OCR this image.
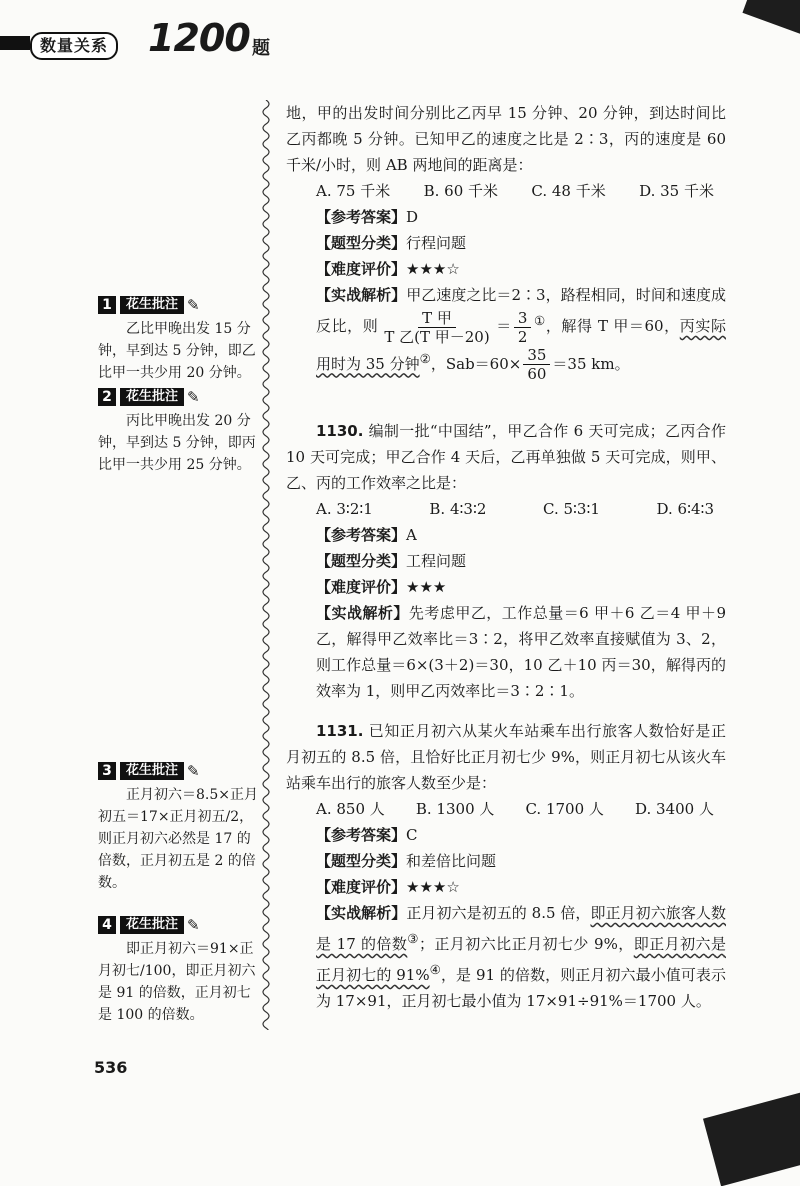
数量关系 1200 题
1	花生批注 ✎
乙比甲晚出发 15 分钟，早到达 5 分钟，即乙比甲一共少用 20 分钟。
2	花生批注 ✎
丙比甲晚出发 20 分钟，早到达 5 分钟，即丙比甲一共少用 25 分钟。
3	花生批注 ✎
正月初六＝8.5×正月初五＝17×正月初五/2，则正月初六必然是 17 的倍数，正月初五是 2 的倍数。
4	花生批注 ✎
即正月初六＝91×正月初七/100，即正月初六是 91 的倍数，正月初七是 100 的倍数。

地，甲的出发时间分别比乙丙早 15 分钟、20 分钟，到达时间比乙丙都晚 5 分钟。已知甲乙的速度之比是 2∶3，丙的速度是 60 千米/小时，则 AB 两地间的距离是：

A. 75 千米 B. 60 千米 C. 48 千米 D. 35 千米

【参考答案】D

【题型分类】行程问题

【难度评价】★★★☆

【实战解析】甲乙速度之比＝2∶3，路程相同，时间和速度成反比，则 $\frac{\text{T 甲}}{\text{T 乙(T 甲－20)}} = \frac{3}{2} ^①$，解得 T 甲＝60，丙实际用时为 35 分钟②，$Sab=60\times \frac{35}{60} =35$ km。

1130. 编制一批“中国结”，甲乙合作 6 天可完成；乙丙合作 10 天可完成；甲乙合作 4 天后，乙再单独做 5 天可完成，则甲、乙、丙的工作效率之比是：

A. 3∶2∶1	B. 4∶3∶2	C. 5∶3∶1	D. 6∶4∶3

【参考答案】A

【题型分类】工程问题

【难度评价】★★★

【实战解析】先考虑甲乙，工作总量＝6 甲＋6 乙＝4 甲＋9 乙，解得甲乙效率比＝3∶2，将甲乙效率直接赋值为 3、2，则工作总量＝6×(3＋2)＝30，10 乙＋10 丙＝30，解得丙的效率为 1，则甲乙丙效率比＝3∶2∶1。

1131. 已知正月初六从某火车站乘车出行旅客人数恰好是正月初五的 8.5 倍，且恰好比正月初七少 9%，则正月初七从该火车站乘车出行的旅客人数至少是：

A. 850 人 B. 1300 人 C. 1700 人 D. 3400 人

【参考答案】C

【题型分类】和差倍比问题

【难度评价】★★★☆

【实战解析】正月初六是初五的 8.5 倍，即正月初六旅客人数是 17 的倍数③；正月初六比正月初七少 9%，即正月初六是正月初七的 91%④，是 91 的倍数，则正月初六最小值可表示为 17×91，正月初七最小值为 17×91÷91%＝1700 人。

536
